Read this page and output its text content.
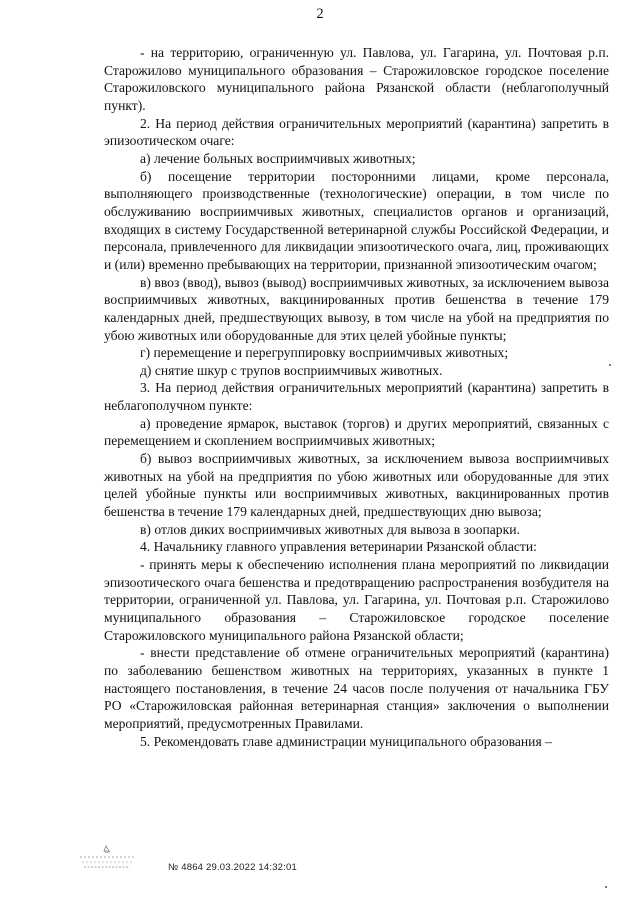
2

- на территорию, ограниченную ул. Павлова, ул. Гагарина, ул. Почтовая р.п. Старожилово муниципального образования – Старожиловское городское поселение Старожиловского муниципального района Рязанской области (неблагополучный пункт).

2. На период действия ограничительных мероприятий (карантина) запретить в эпизоотическом очаге:

а) лечение больных восприимчивых животных;

б) посещение территории посторонними лицами, кроме персонала, выполняющего производственные (технологические) операции, в том числе по обслуживанию восприимчивых животных, специалистов органов и организаций, входящих в систему Государственной ветеринарной службы Российской Федерации, и персонала, привлеченного для ликвидации эпизоотического очага, лиц, проживающих и (или) временно пребывающих на территории, признанной эпизоотическим очагом;

в) ввоз (ввод), вывоз (вывод) восприимчивых животных, за исключением вывоза восприимчивых животных, вакцинированных против бешенства в течение 179 календарных дней, предшествующих вывозу, в том числе на убой на предприятия по убою животных или оборудованные для этих целей убойные пункты;

г) перемещение и перегруппировку восприимчивых животных;

д) снятие шкур с трупов восприимчивых животных.

3. На период действия ограничительных мероприятий (карантина) запретить в неблагополучном пункте:

а) проведение ярмарок, выставок (торгов) и других мероприятий, связанных с перемещением и скоплением восприимчивых животных;

б) вывоз восприимчивых животных, за исключением вывоза восприимчивых животных на убой на предприятия по убою животных или оборудованные для этих целей убойные пункты или восприимчивых животных, вакцинированных против бешенства в течение 179 календарных дней, предшествующих дню вывоза;

в) отлов диких восприимчивых животных для вывоза в зоопарки.

4. Начальнику главного управления ветеринарии Рязанской области:

- принять меры к обеспечению исполнения плана мероприятий по ликвидации эпизоотического очага бешенства и предотвращению распространения возбудителя на территории, ограниченной ул. Павлова, ул. Гагарина, ул. Почтовая р.п. Старожилово муниципального образования – Старожиловское городское поселение Старожиловского муниципального района Рязанской области;

- внести представление об отмене ограничительных мероприятий (карантина) по заболеванию бешенством животных на территориях, указанных в пункте 1 настоящего постановления, в течение 24 часов после получения от начальника ГБУ РО «Старожиловская районная ветеринарная станция» заключения о выполнении мероприятий, предусмотренных Правилами.

5. Рекомендовать главе администрации муниципального образования –

№ 4864 29.03.2022 14:32:01
